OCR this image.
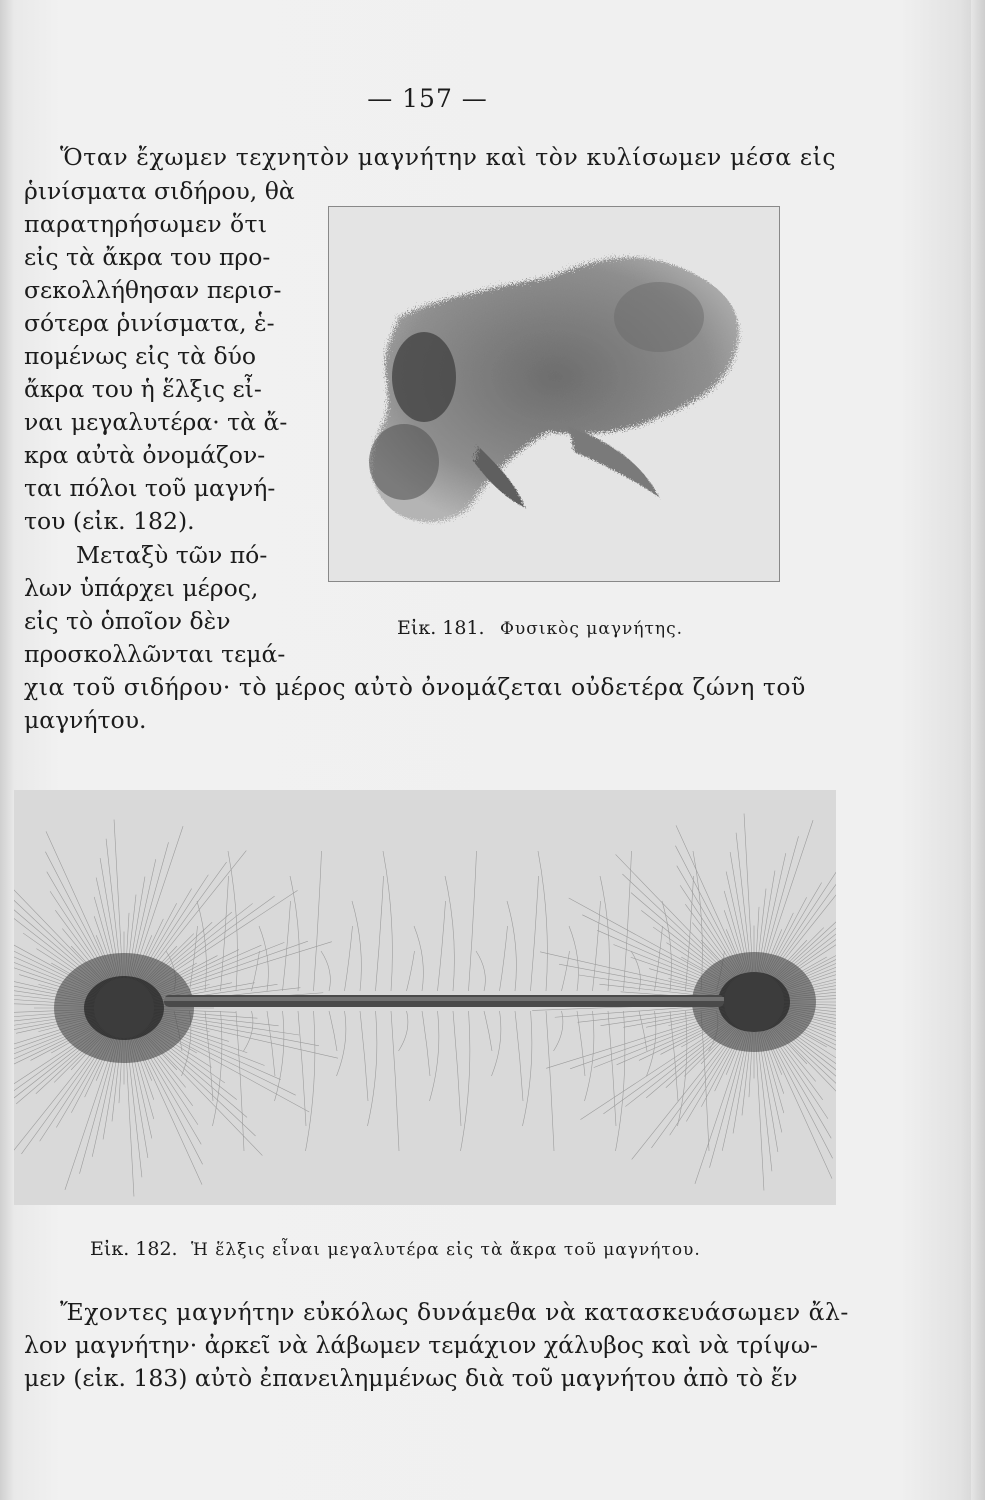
— 157 —
Ὅταν ἔχωμεν τεχνητὸν μαγνήτην καὶ τὸν κυλίσωμεν μέσα εἰς
ῥινίσματα σιδήρου, θὰ
παρατηρήσωμεν ὅτι
εἰς τὰ ἄκρα του προ-
σεκολλήθησαν περισ-
σότερα ῥινίσματα, ἑ-
πομένως εἰς τὰ δύο
ἄκρα του ἡ ἕλξις εἶ-
ναι μεγαλυτέρα· τὰ ἄ-
κρα αὐτὰ ὀνομάζον-
ται πόλοι τοῦ μαγνή-
του (εἰκ. 182).
Μεταξὺ τῶν πό-
λων ὑπάρχει μέρος,
εἰς τὸ ὁποῖον δὲν
προσκολλῶνται τεμά-
χια τοῦ σιδήρου· τὸ μέρος αὐτὸ ὀνομάζεται οὐδετέρα ζώνη τοῦ
μαγνήτου.
Εἰκ. 181. Φυσικὸς μαγνήτης.
Εἰκ. 182. Ἡ ἕλξις εἶναι μεγαλυτέρα εἰς τὰ ἄκρα τοῦ μαγνήτου.
Ἔχοντες μαγνήτην εὐκόλως δυνάμεθα νὰ κατασκευάσωμεν ἄλ-
λον μαγνήτην· ἀρκεῖ νὰ λάβωμεν τεμάχιον χάλυβος καὶ νὰ τρίψω-
μεν (εἰκ. 183) αὐτὸ ἐπανειλημμένως διὰ τοῦ μαγνήτου ἀπὸ τὸ ἕν
